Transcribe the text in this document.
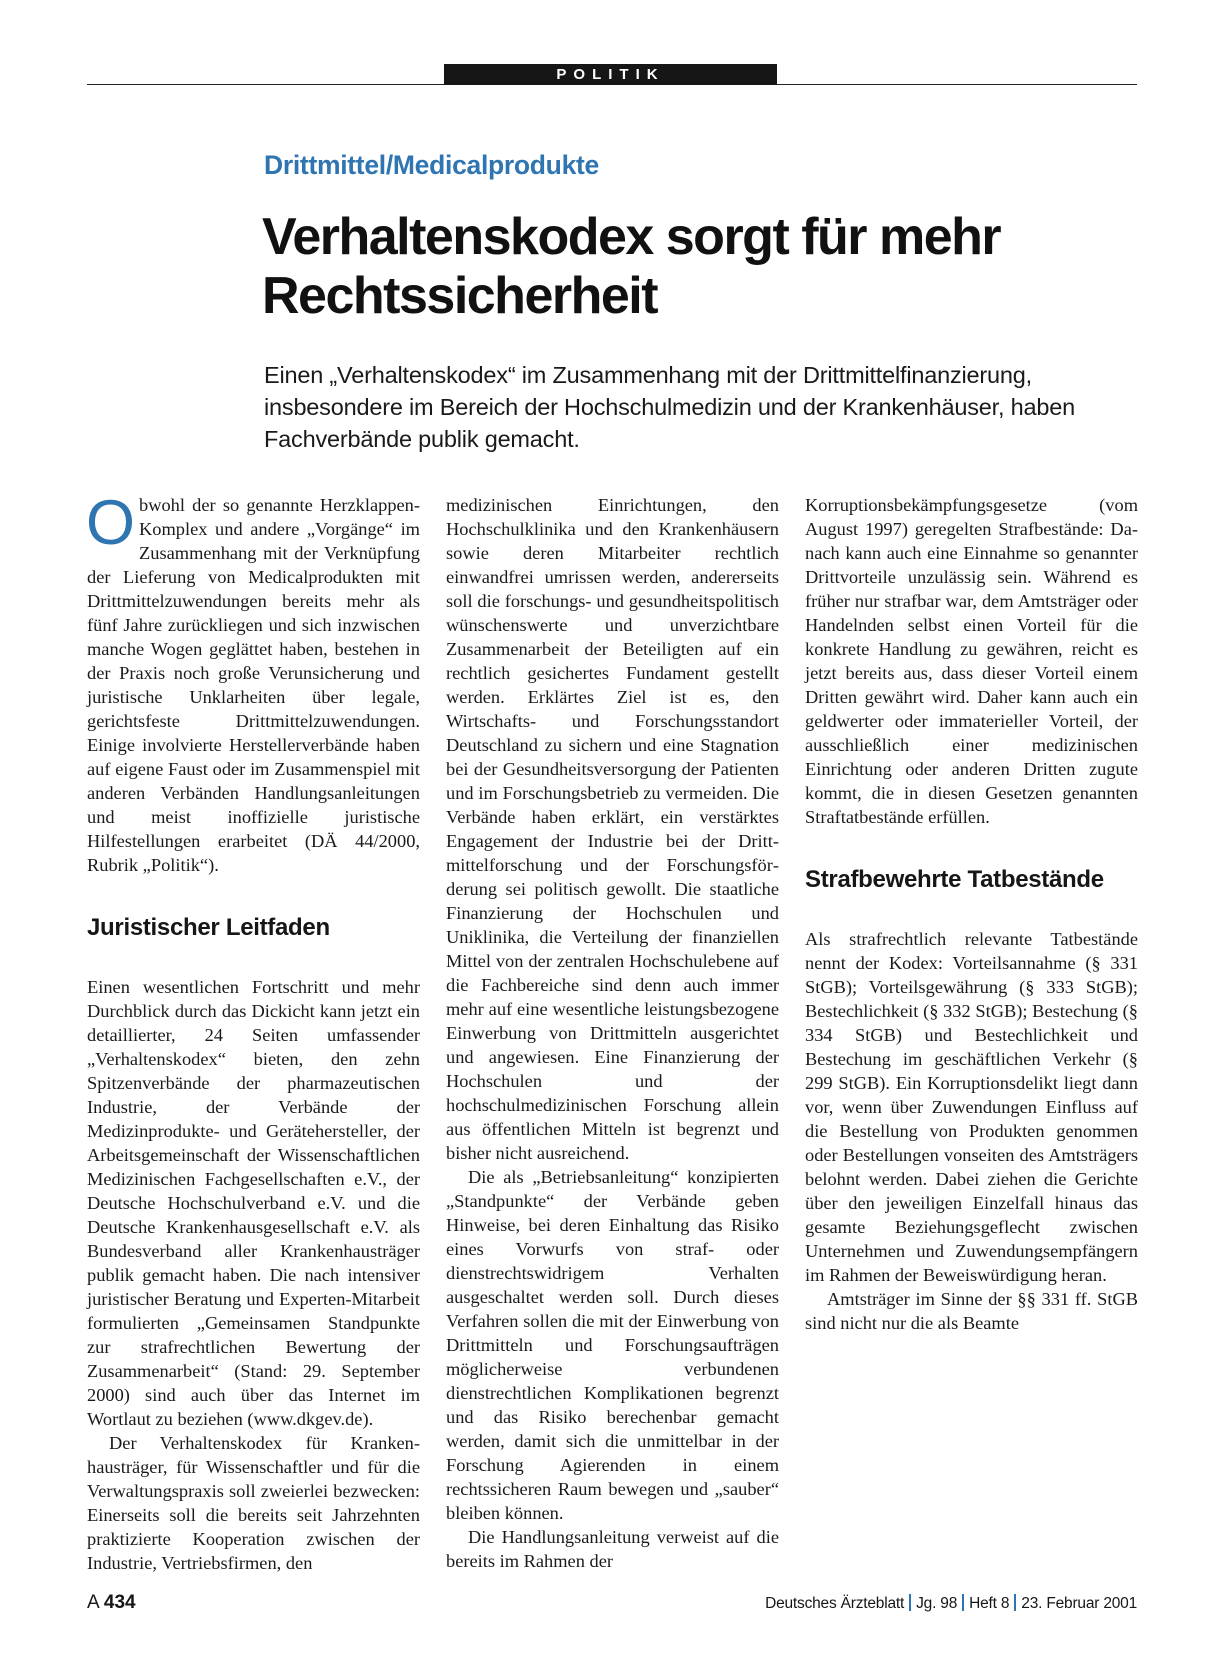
POLITIK
Drittmittel/Medicalprodukte
Verhaltenskodex sorgt für mehr Rechtssicherheit

Einen „Verhaltenskodex“ im Zusammenhang mit der Drittmittelfinanzierung, insbesondere im Bereich der Hochschulmedizin und der Krankenhäuser, haben Fachverbände publik gemacht.

Obwohl der so genannte Herzklappen-Komplex und andere „Vorgänge“ im Zusammenhang mit der Verknüpfung der Lieferung von Medicalprodukten mit Drittmittelzuwendungen bereits mehr als fünf Jahre zurückliegen und sich inzwischen manche Wogen geglättet haben, bestehen in der Praxis noch große Verunsicherung und juristische Unklarheiten über legale, gerichtsfeste Drittmittelzuwendungen. Einige involvierte Herstellerverbände haben auf eigene Faust oder im Zusammenspiel mit anderen Verbänden Handlungsanleitungen und meist inoffizielle juristische Hilfestellungen erarbeitet (DÄ 44/2000, Rubrik „Politik“).

Juristischer Leitfaden

Einen wesentlichen Fortschritt und mehr Durchblick durch das Dickicht kann jetzt ein detaillierter, 24 Seiten umfassender „Verhaltenskodex“ bieten, den zehn Spitzenverbände der pharmazeutischen Industrie, der Verbände der Medizinprodukte- und Gerätehersteller, der Arbeitsgemeinschaft der Wissenschaftlichen Medizinischen Fachgesellschaften e.V., der Deutsche Hochschulverband e.V. und die Deutsche Krankenhausgesellschaft e.V. als Bundesverband aller Krankenhausträger publik gemacht haben. Die nach intensiver juristischer Beratung und Experten-Mitarbeit formulierten „Gemeinsamen Standpunkte zur strafrechtlichen Bewertung der Zusammenarbeit“ (Stand: 29. September 2000) sind auch über das Internet im Wortlaut zu beziehen (www.dkgev.de).

Der Verhaltenskodex für Krankenhausträger, für Wissenschaftler und für die Verwaltungspraxis soll zweierlei bezwecken: Einerseits soll die bereits seit Jahrzehnten praktizierte Kooperation zwischen der Industrie, Vertriebsfirmen, den

medizinischen Einrichtungen, den Hochschulklinika und den Krankenhäusern sowie deren Mitarbeiter rechtlich einwandfrei umrissen werden, andererseits soll die forschungs- und gesundheitspolitisch wünschenswerte und unverzichtbare Zusammenarbeit der Beteiligten auf ein rechtlich gesichertes Fundament gestellt werden. Erklärtes Ziel ist es, den Wirtschafts- und Forschungsstandort Deutschland zu sichern und eine Stagnation bei der Gesundheitsversorgung der Patienten und im Forschungsbetrieb zu vermeiden. Die Verbände haben erklärt, ein verstärktes Engagement der Industrie bei der Drittmittelforschung und der Forschungsförderung sei politisch gewollt. Die staatliche Finanzierung der Hochschulen und Uniklinika, die Verteilung der finanziellen Mittel von der zentralen Hochschulebene auf die Fachbereiche sind denn auch immer mehr auf eine wesentliche leistungsbezogene Einwerbung von Drittmitteln ausgerichtet und angewiesen. Eine Finanzierung der Hochschulen und der hochschulmedizinischen Forschung allein aus öffentlichen Mitteln ist begrenzt und bisher nicht ausreichend.

Die als „Betriebsanleitung“ konzipierten „Standpunkte“ der Verbände geben Hinweise, bei deren Einhaltung das Risiko eines Vorwurfs von straf- oder dienstrechtswidrigem Verhalten ausgeschaltet werden soll. Durch dieses Verfahren sollen die mit der Einwerbung von Drittmitteln und Forschungsaufträgen möglicherweise verbundenen dienstrechtlichen Komplikationen begrenzt und das Risiko berechenbar gemacht werden, damit sich die unmittelbar in der Forschung Agierenden in einem rechtssicheren Raum bewegen und „sauber“ bleiben können.

Die Handlungsanleitung verweist auf die bereits im Rahmen der

Korruptionsbekämpfungsgesetze (vom August 1997) geregelten Strafbestände: Danach kann auch eine Einnahme so genannter Drittvorteile unzulässig sein. Während es früher nur strafbar war, dem Amtsträger oder Handelnden selbst einen Vorteil für die konkrete Handlung zu gewähren, reicht es jetzt bereits aus, dass dieser Vorteil einem Dritten gewährt wird. Daher kann auch ein geldwerter oder immaterieller Vorteil, der ausschließlich einer medizinischen Einrichtung oder anderen Dritten zugute kommt, die in diesen Gesetzen genannten Straftatbestände erfüllen.

Strafbewehrte Tatbestände

Als strafrechtlich relevante Tatbestände nennt der Kodex: Vorteilsannahme (§ 331 StGB); Vorteilsgewährung (§ 333 StGB); Bestechlichkeit (§ 332 StGB); Bestechung (§ 334 StGB) und Bestechlichkeit und Bestechung im geschäftlichen Verkehr (§ 299 StGB). Ein Korruptionsdelikt liegt dann vor, wenn über Zuwendungen Einfluss auf die Bestellung von Produkten genommen oder Bestellungen vonseiten des Amtsträgers belohnt werden. Dabei ziehen die Gerichte über den jeweiligen Einzelfall hinaus das gesamte Beziehungsgeflecht zwischen Unternehmen und Zuwendungsempfängern im Rahmen der Beweiswürdigung heran.

Amtsträger im Sinne der §§ 331 ff. StGB sind nicht nur die als Beamte

A 434	Deutsches Ärzteblatt Jg. 98 Heft 8 23. Februar 2001
